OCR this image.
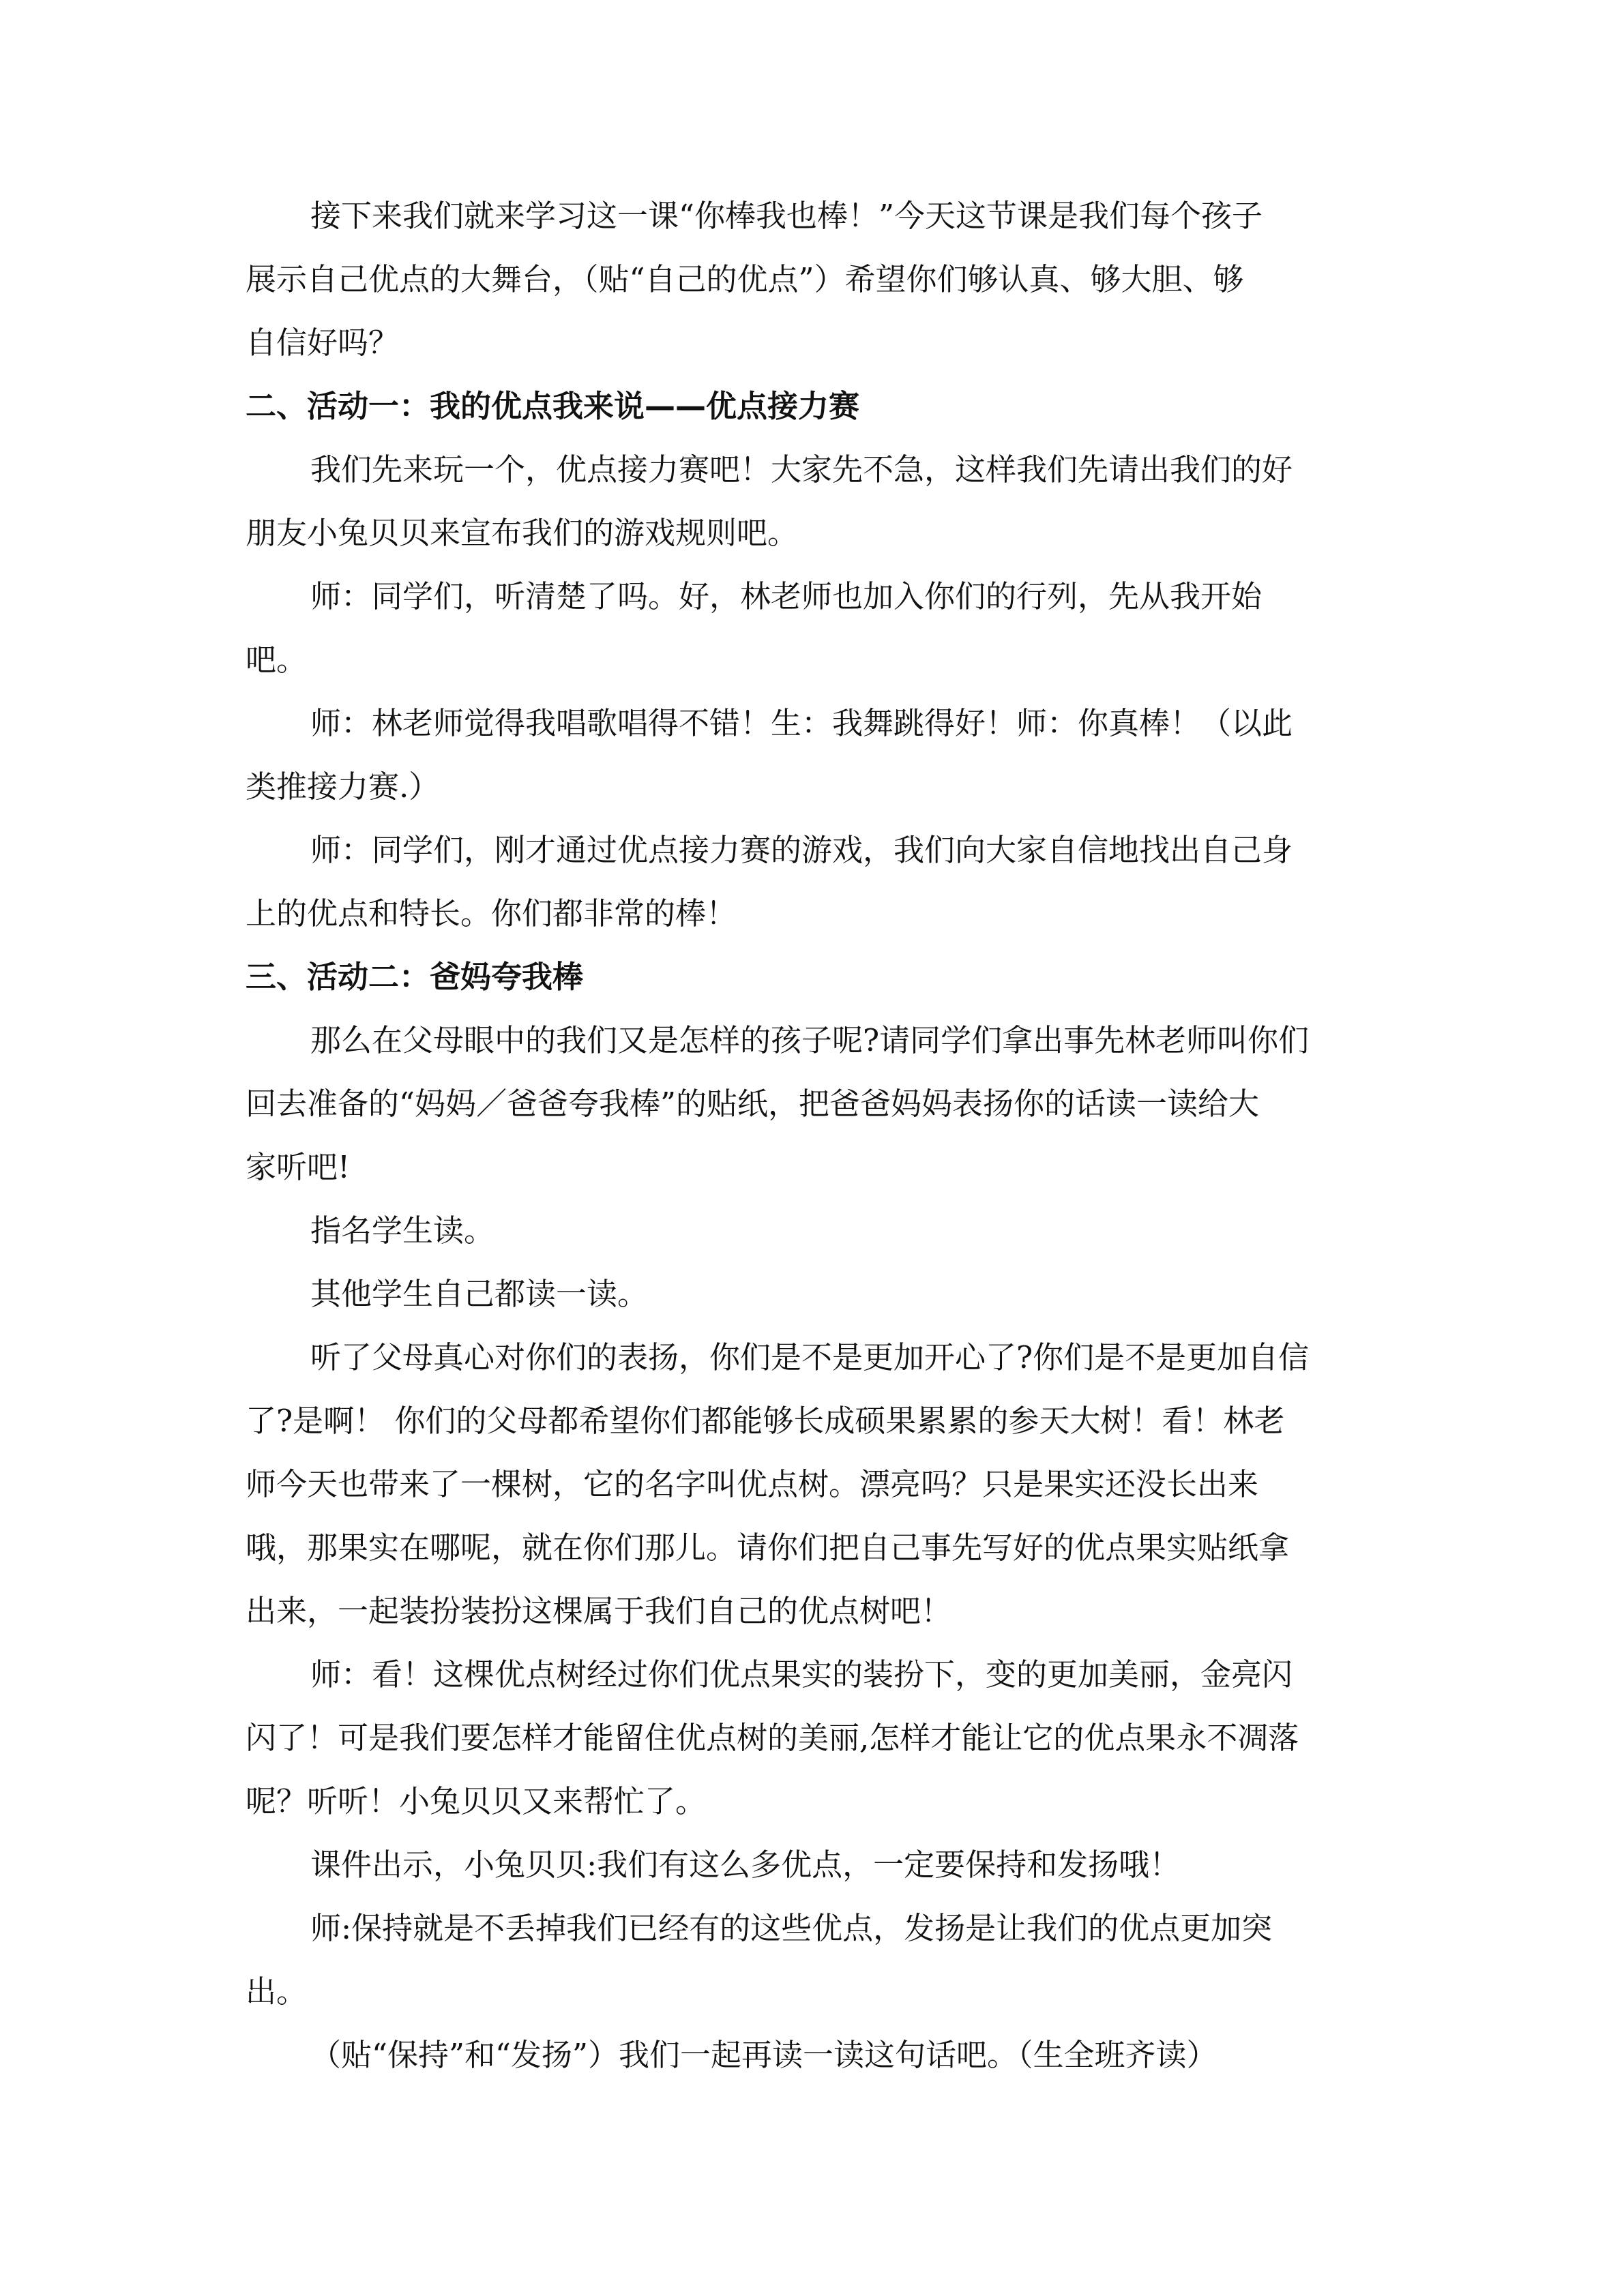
接下来我们就来学习这一课“你棒我也棒！”今天这节课是我们每个孩子
展示自己优点的大舞台，（贴“自己的优点”）希望你们够认真、够大胆、够
自信好吗？

二、活动一：我的优点我来说——优点接力赛

我们先来玩一个，优点接力赛吧！大家先不急，这样我们先请出我们的好
朋友小兔贝贝来宣布我们的游戏规则吧。

师：同学们，听清楚了吗。好，林老师也加入你们的行列，先从我开始
吧。

师：林老师觉得我唱歌唱得不错！生：我舞跳得好！师：你真棒！（以此
类推接力赛.）

师：同学们，刚才通过优点接力赛的游戏，我们向大家自信地找出自己身
上的优点和特长。你们都非常的棒！

三、活动二：爸妈夸我棒

那么在父母眼中的我们又是怎样的孩子呢?请同学们拿出事先林老师叫你们
回去准备的“妈妈／爸爸夸我棒”的贴纸，把爸爸妈妈表扬你的话读一读给大
家听吧!

指名学生读。

其他学生自己都读一读。

听了父母真心对你们的表扬，你们是不是更加开心了?你们是不是更加自信
了?是啊！ 你们的父母都希望你们都能够长成硕果累累的参天大树！看！林老
师今天也带来了一棵树，它的名字叫优点树。漂亮吗？只是果实还没长出来
哦，那果实在哪呢，就在你们那儿。请你们把自己事先写好的优点果实贴纸拿
出来，一起装扮装扮这棵属于我们自己的优点树吧！

师：看！这棵优点树经过你们优点果实的装扮下，变的更加美丽，金亮闪
闪了！可是我们要怎样才能留住优点树的美丽,怎样才能让它的优点果永不凋落
呢？听听！小兔贝贝又来帮忙了。

课件出示，小兔贝贝:我们有这么多优点，一定要保持和发扬哦！

师:保持就是不丢掉我们已经有的这些优点，发扬是让我们的优点更加突
出。

（贴“保持”和“发扬”）我们一起再读一读这句话吧。（生全班齐读）
